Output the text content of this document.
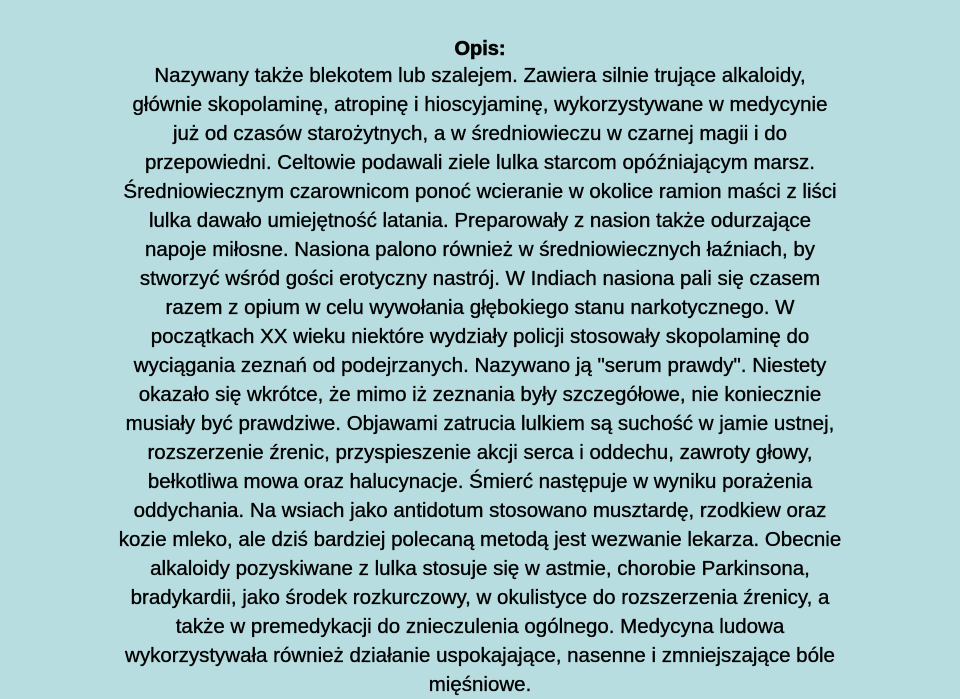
Opis:
Nazywany także blekotem lub szalejem. Zawiera silnie trujące alkaloidy,
głównie skopolaminę, atropinę i hioscyjaminę, wykorzystywane w medycynie
już od czasów starożytnych, a w średniowieczu w czarnej magii i do
przepowiedni. Celtowie podawali ziele lulka starcom opóźniającym marsz.
Średniowiecznym czarownicom ponoć wcieranie w okolice ramion maści z liści
lulka dawało umiejętność latania. Preparowały z nasion także odurzające
napoje miłosne. Nasiona palono również w średniowiecznych łaźniach, by
stworzyć wśród gości erotyczny nastrój. W Indiach nasiona pali się czasem
razem z opium w celu wywołania głębokiego stanu narkotycznego. W
początkach XX wieku niektóre wydziały policji stosowały skopolaminę do
wyciągania zeznań od podejrzanych. Nazywano ją "serum prawdy". Niestety
okazało się wkrótce, że mimo iż zeznania były szczegółowe, nie koniecznie
musiały być prawdziwe. Objawami zatrucia lulkiem są suchość w jamie ustnej,
rozszerzenie źrenic, przyspieszenie akcji serca i oddechu, zawroty głowy,
bełkotliwa mowa oraz halucynacje. Śmierć następuje w wyniku porażenia
oddychania. Na wsiach jako antidotum stosowano musztardę, rzodkiew oraz
kozie mleko, ale dziś bardziej polecaną metodą jest wezwanie lekarza. Obecnie
alkaloidy pozyskiwane z lulka stosuje się w astmie, chorobie Parkinsona,
bradykardii, jako środek rozkurczowy, w okulistyce do rozszerzenia źrenicy, a
także w premedykacji do znieczulenia ogólnego. Medycyna ludowa
wykorzystywała również działanie uspokajające, nasenne i zmniejszające bóle
mięśniowe.
